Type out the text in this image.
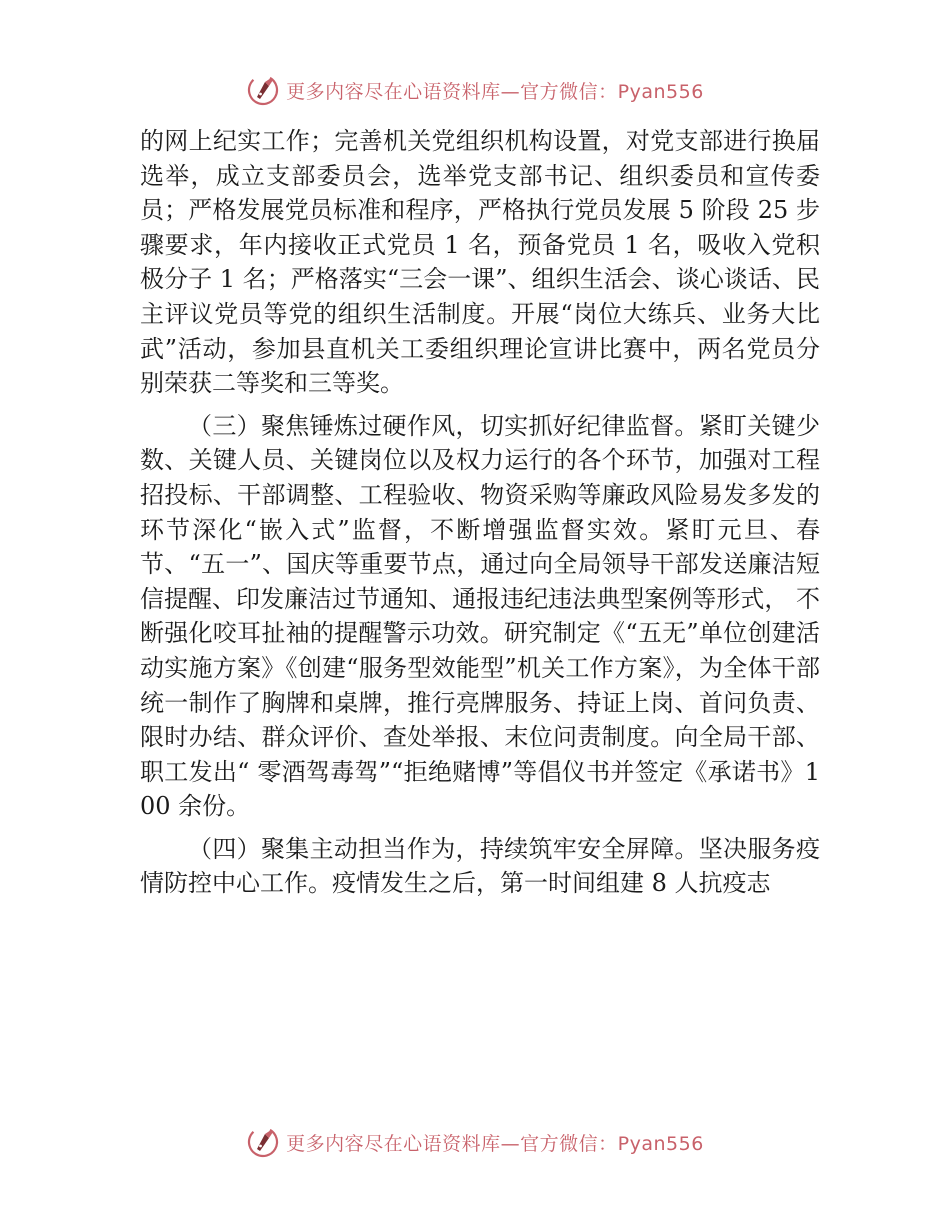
更多内容尽在心语资料库—官方微信：Pyan556

的网上纪实工作；完善机关党组织机构设置，对党支部进行换届选举，成立支部委员会，选举党支部书记、组织委员和宣传委员；严格发展党员标准和程序，严格执行党员发展 5 阶段 25 步骤要求，年内接收正式党员 1 名，预备党员 1 名，吸收入党积极分子 1 名；严格落实“三会一课”、组织生活会、谈心谈话、民主评议党员等党的组织生活制度。开展“岗位大练兵、业务大比武”活动，参加县直机关工委组织理论宣讲比赛中，两名党员分别荣获二等奖和三等奖。

（三）聚焦锤炼过硬作风，切实抓好纪律监督。紧盯关键少数、关键人员、关键岗位以及权力运行的各个环节，加强对工程招投标、干部调整、工程验收、物资采购等廉政风险易发多发的环节深化“嵌入式”监督，不断增强监督实效。紧盯元旦、春节、“五一”、国庆等重要节点，通过向全局领导干部发送廉洁短信提醒、印发廉洁过节通知、通报违纪违法典型案例等形式， 不断强化咬耳扯袖的提醒警示功效。研究制定《“五无”单位创建活动实施方案》《创建“服务型效能型”机关工作方案》，为全体干部统一制作了胸牌和桌牌，推行亮牌服务、持证上岗、首问负责、限时办结、群众评价、查处举报、末位问责制度。向全局干部、职工发出“ 零酒驾毒驾”“拒绝赌博”等倡仪书并签定《承诺书》100 余份。

（四）聚集主动担当作为，持续筑牢安全屏障。坚决服务疫情防控中心工作。疫情发生之后，第一时间组建 8 人抗疫志

更多内容尽在心语资料库—官方微信：Pyan556
